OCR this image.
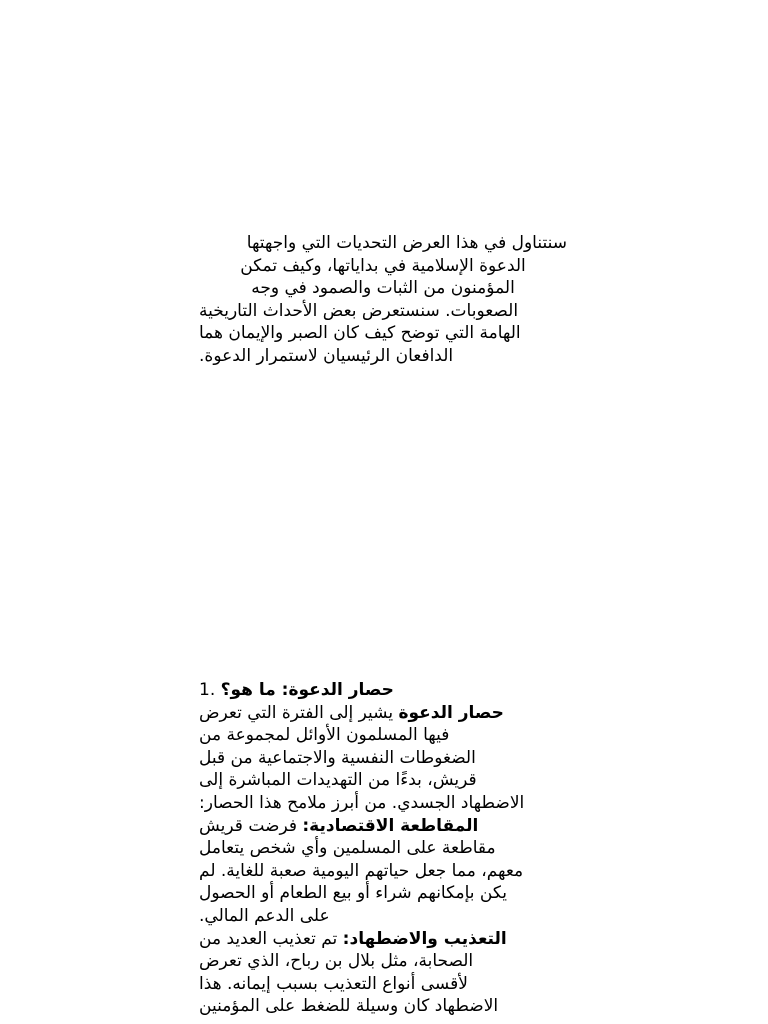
سنتناول في هذا العرض التحديات التي واجهتها
الدعوة الإسلامية في بداياتها، وكيف تمكن
المؤمنون من الثبات والصمود في وجه
الصعوبات. سنستعرض بعض الأحداث التاريخية
الهامة التي توضح كيف كان الصبر والإيمان هما
.الدافعان الرئيسيان لاستمرار الدعوة
1. حصار الدعوة: ما هو؟
حصار الدعوة يشير إلى الفترة التي تعرض
فيها المسلمون الأوائل لمجموعة من
الضغوطات النفسية والاجتماعية من قبل
قريش، بدءًا من التهديدات المباشرة إلى
:الاضطهاد الجسدي. من أبرز ملامح هذا الحصار
المقاطعة الاقتصادية: فرضت قريش
مقاطعة على المسلمين وأي شخص يتعامل
معهم، مما جعل حياتهم اليومية صعبة للغاية. لم
يكن بإمكانهم شراء أو بيع الطعام أو الحصول
.على الدعم المالي
التعذيب والاضطهاد: تم تعذيب العديد من
الصحابة، مثل بلال بن رباح، الذي تعرض
لأقسى أنواع التعذيب بسبب إيمانه. هذا
الاضطهاد كان وسيلة للضغط على المؤمنين
